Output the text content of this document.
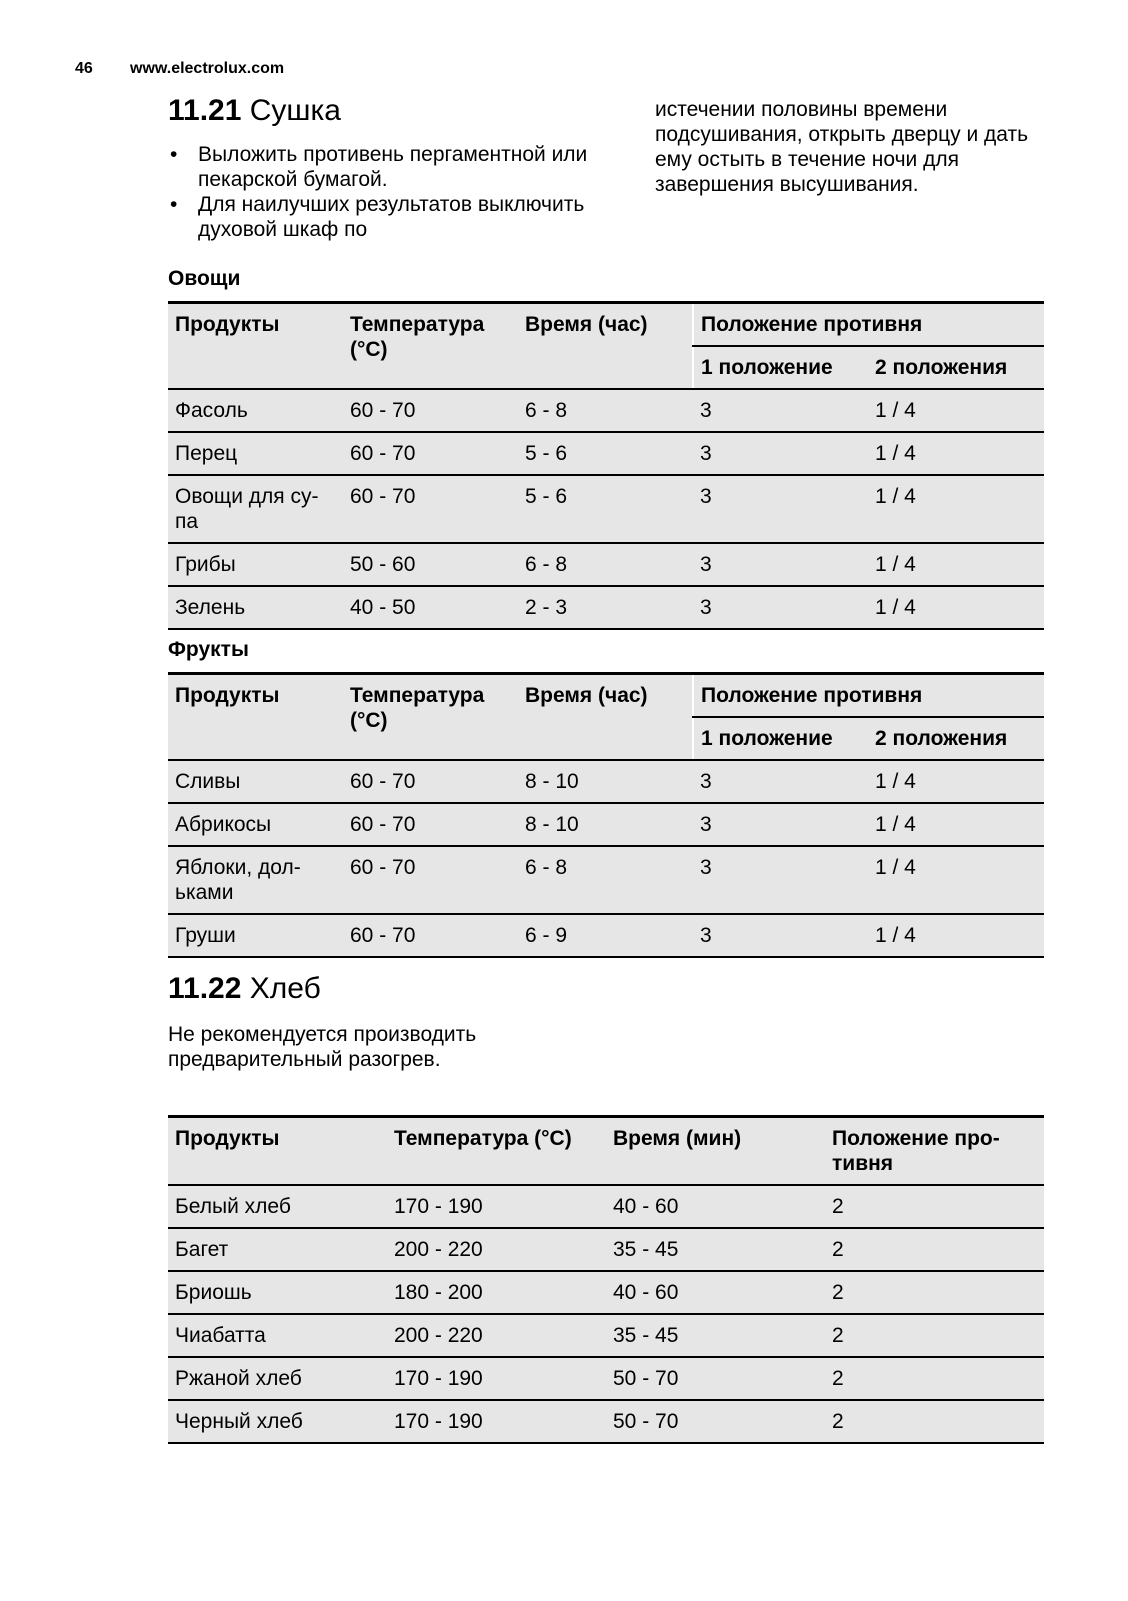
46 www.electrolux.com
11.21 Сушка
• Выложить противень пергаментной или пекарской бумагой.
• Для наилучших результатов выключить духовой шкаф по
истечении половины времени подсушивания, открыть дверцу и дать ему остыть в течение ночи для завершения высушивания.
Овощи
Продукты	Температура (°C)	Время (час)	Положение противня	
			1 положение	2 положения
Фасоль	60 - 70	6 - 8	3	1 / 4
Перец	60 - 70	5 - 6	3	1 / 4
Овощи для су-па	60 - 70	5 - 6	3	1 / 4
Грибы	50 - 60	6 - 8	3	1 / 4
Зелень	40 - 50	2 - 3	3	1 / 4
Фрукты
Продукты	Температура (°C)	Время (час)	Положение противня	
			1 положение	2 положения
Сливы	60 - 70	8 - 10	3	1 / 4
Абрикосы	60 - 70	8 - 10	3	1 / 4
Яблоки, дол-ьками	60 - 70	6 - 8	3	1 / 4
Груши	60 - 70	6 - 9	3	1 / 4
11.22 Хлеб
Не рекомендуется производить предварительный разогрев.
Продукты	Температура (°C)	Время (мин)	Положение про-тивня
Белый хлеб	170 - 190	40 - 60	2
Багет	200 - 220	35 - 45	2
Бриошь	180 - 200	40 - 60	2
Чиабатта	200 - 220	35 - 45	2
Ржаной хлеб	170 - 190	50 - 70	2
Черный хлеб	170 - 190	50 - 70	2
